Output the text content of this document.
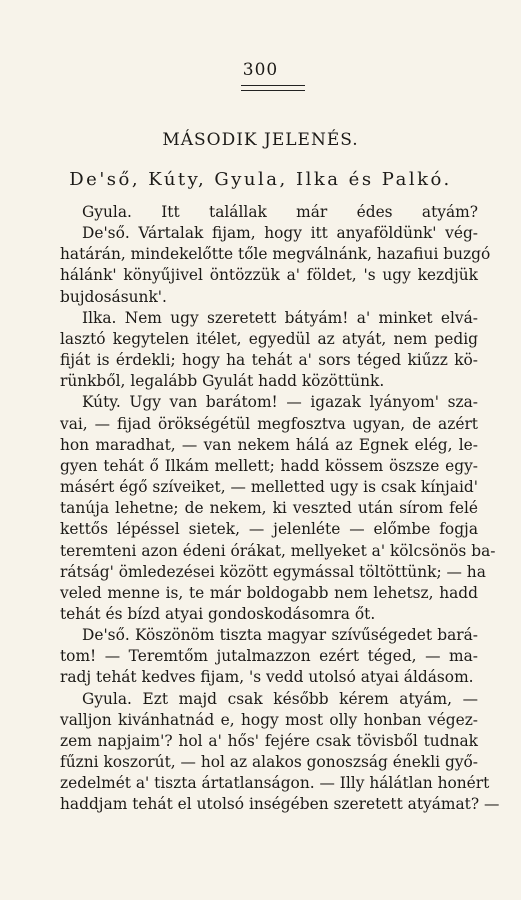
300
MÁSODIK JELENÉS.
De'ső, Kúty, Gyula, Ilka és Palkó.
Gyula. Itt talállak már édes atyám?
De'ső. Vártalak fijam, hogy itt anyaföldünk' vég-
határán, mindekelőtte tőle megválnánk, hazafiui buzgó
hálánk' könyűjivel öntözzük a' földet, 's ugy kezdjük
bujdosásunk'.
Ilka. Nem ugy szeretett bátyám! a' minket elvá-
lasztó kegytelen itélet, egyedül az atyát, nem pedig
fiját is érdekli; hogy ha tehát a' sors téged kiűzz kö-
rünkből, legalább Gyulát hadd közöttünk.
Kúty. Ugy van barátom! — igazak lyányom' sza-
vai, — fijad örökségétül megfosztva ugyan, de azért
hon maradhat, — van nekem hálá az Egnek elég, le-
gyen tehát ő Ilkám mellett; hadd kössem öszsze egy-
másért égő szíveiket, — melletted ugy is csak kínjaid'
tanúja lehetne; de nekem, ki veszted után sírom felé
kettős lépéssel sietek, — jelenléte — előmbe fogja
teremteni azon édeni órákat, mellyeket a' kölcsönös ba-
rátság' ömledezései között egymással töltöttünk; — ha
veled menne is, te már boldogabb nem lehetsz, hadd
tehát és bízd atyai gondoskodásomra őt.
De'ső. Köszönöm tiszta magyar szívűségedet bará-
tom! — Teremtőm jutalmazzon ezért téged, — ma-
radj tehát kedves fijam, 's vedd utolsó atyai áldásom.
Gyula. Ezt majd csak később kérem atyám, —
valljon kivánhatnád e, hogy most olly honban végez-
zem napjaim'? hol a' hős' fejére csak tövisből tudnak
fűzni koszorút, — hol az alakos gonoszság énekli győ-
zedelmét a' tiszta ártatlanságon. — Illy hálátlan honért
haddjam tehát el utolsó inségében szeretett atyámat? —
